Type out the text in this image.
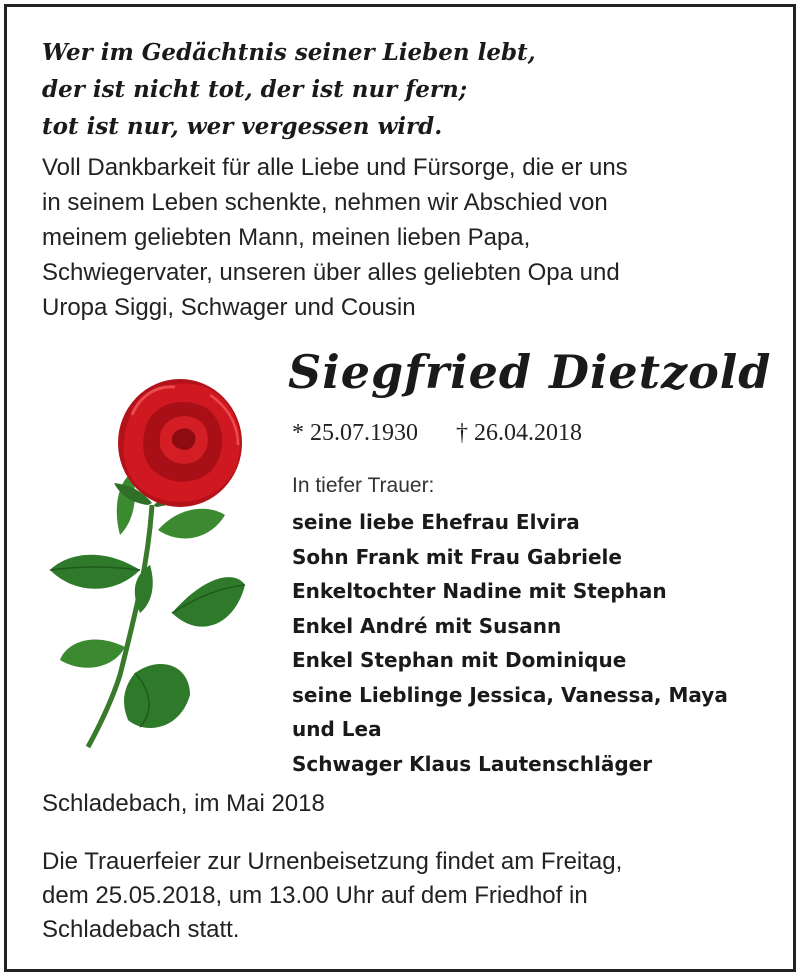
Wer im Gedächtnis seiner Lieben lebt,
der ist nicht tot, der ist nur fern;
tot ist nur, wer vergessen wird.
Voll Dankbarkeit für alle Liebe und Fürsorge, die er uns
in seinem Leben schenkte, nehmen wir Abschied von
meinem geliebten Mann, meinen lieben Papa,
Schwiegervater, unseren über alles geliebten Opa und
Uropa Siggi, Schwager und Cousin
Siegfried Dietzold
* 25.07.1930 † 26.04.2018
In tiefer Trauer:
seine liebe Ehefrau Elvira
Sohn Frank mit Frau Gabriele
Enkeltochter Nadine mit Stephan
Enkel André mit Susann
Enkel Stephan mit Dominique
seine Lieblinge Jessica, Vanessa, Maya
und Lea
Schwager Klaus Lautenschläger
Schladebach, im Mai 2018
Die Trauerfeier zur Urnenbeisetzung findet am Freitag,
dem 25.05.2018, um 13.00 Uhr auf dem Friedhof in
Schladebach statt.
